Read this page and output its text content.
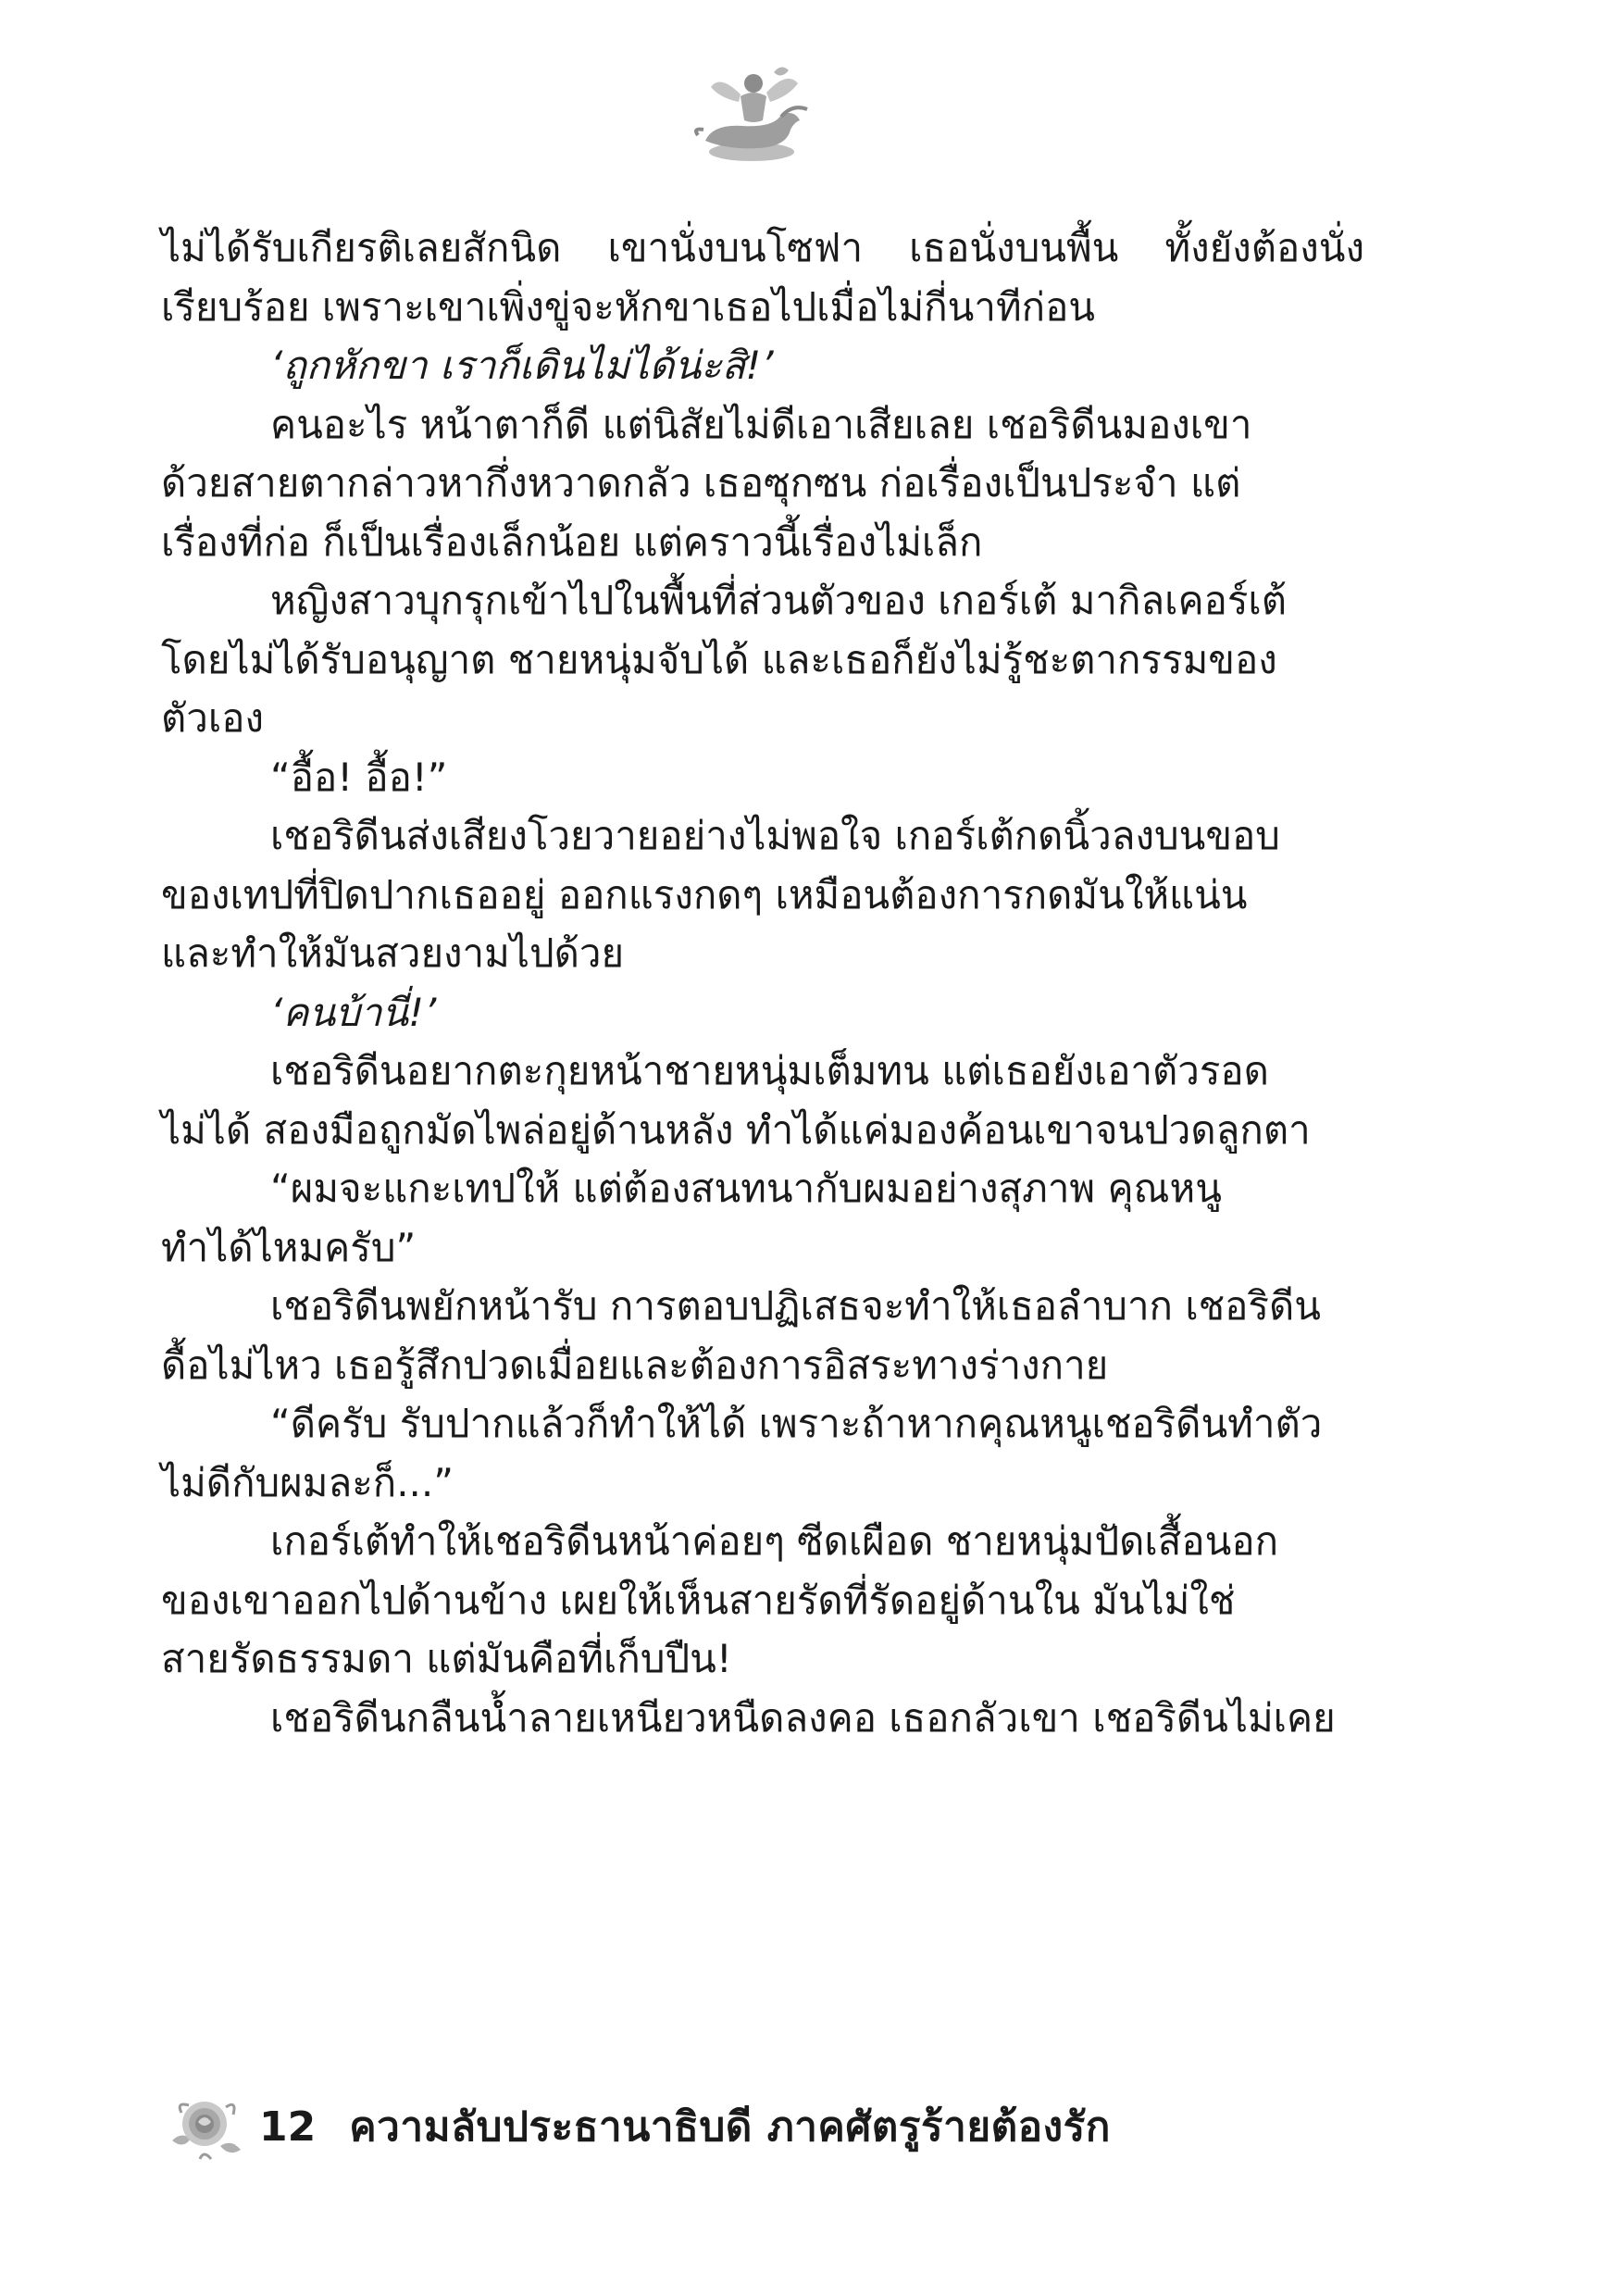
ไม่ได้รับเกียรติเลยสักนิด เขานั่งบนโซฟา เธอนั่งบนพื้น ทั้งยังต้องนั่ง
เรียบร้อย เพราะเขาเพิ่งขู่จะหักขาเธอไปเมื่อไม่กี่นาทีก่อน
‘ถูกหักขา เราก็เดินไม่ได้น่ะสิ!’
คนอะไร หน้าตาก็ดี แต่นิสัยไม่ดีเอาเสียเลย เชอริดีนมองเขา
ด้วยสายตากล่าวหากึ่งหวาดกลัว เธอซุกซน ก่อเรื่องเป็นประจำ แต่
เรื่องที่ก่อ ก็เป็นเรื่องเล็กน้อย แต่คราวนี้เรื่องไม่เล็ก
หญิงสาวบุกรุกเข้าไปในพื้นที่ส่วนตัวของ เกอร์เต้ มากิลเคอร์เต้
โดยไม่ได้รับอนุญาต ชายหนุ่มจับได้ และเธอก็ยังไม่รู้ชะตากรรมของ
ตัวเอง
“อื้อ! อื้อ!”
เชอริดีนส่งเสียงโวยวายอย่างไม่พอใจ เกอร์เต้กดนิ้วลงบนขอบ
ของเทปที่ปิดปากเธออยู่ ออกแรงกดๆ เหมือนต้องการกดมันให้แน่น
และทำให้มันสวยงามไปด้วย
‘คนบ้านี่!’
เชอริดีนอยากตะกุยหน้าชายหนุ่มเต็มทน แต่เธอยังเอาตัวรอด
ไม่ได้ สองมือถูกมัดไพล่อยู่ด้านหลัง ทำได้แค่มองค้อนเขาจนปวดลูกตา
“ผมจะแกะเทปให้ แต่ต้องสนทนากับผมอย่างสุภาพ คุณหนู
ทำได้ไหมครับ”
เชอริดีนพยักหน้ารับ การตอบปฏิเสธจะทำให้เธอลำบาก เชอริดีน
ดื้อไม่ไหว เธอรู้สึกปวดเมื่อยและต้องการอิสระทางร่างกาย
“ดีครับ รับปากแล้วก็ทำให้ได้ เพราะถ้าหากคุณหนูเชอริดีนทำตัว
ไม่ดีกับผมละก็...”
เกอร์เต้ทำให้เชอริดีนหน้าค่อยๆ ซีดเผือด ชายหนุ่มปัดเสื้อนอก
ของเขาออกไปด้านข้าง เผยให้เห็นสายรัดที่รัดอยู่ด้านใน มันไม่ใช่
สายรัดธรรมดา แต่มันคือที่เก็บปืน!
เชอริดีนกลืนน้ำลายเหนียวหนืดลงคอ เธอกลัวเขา เชอริดีนไม่เคย
12 ความลับประธานาธิบดี ภาคศัตรูร้ายต้องรัก
